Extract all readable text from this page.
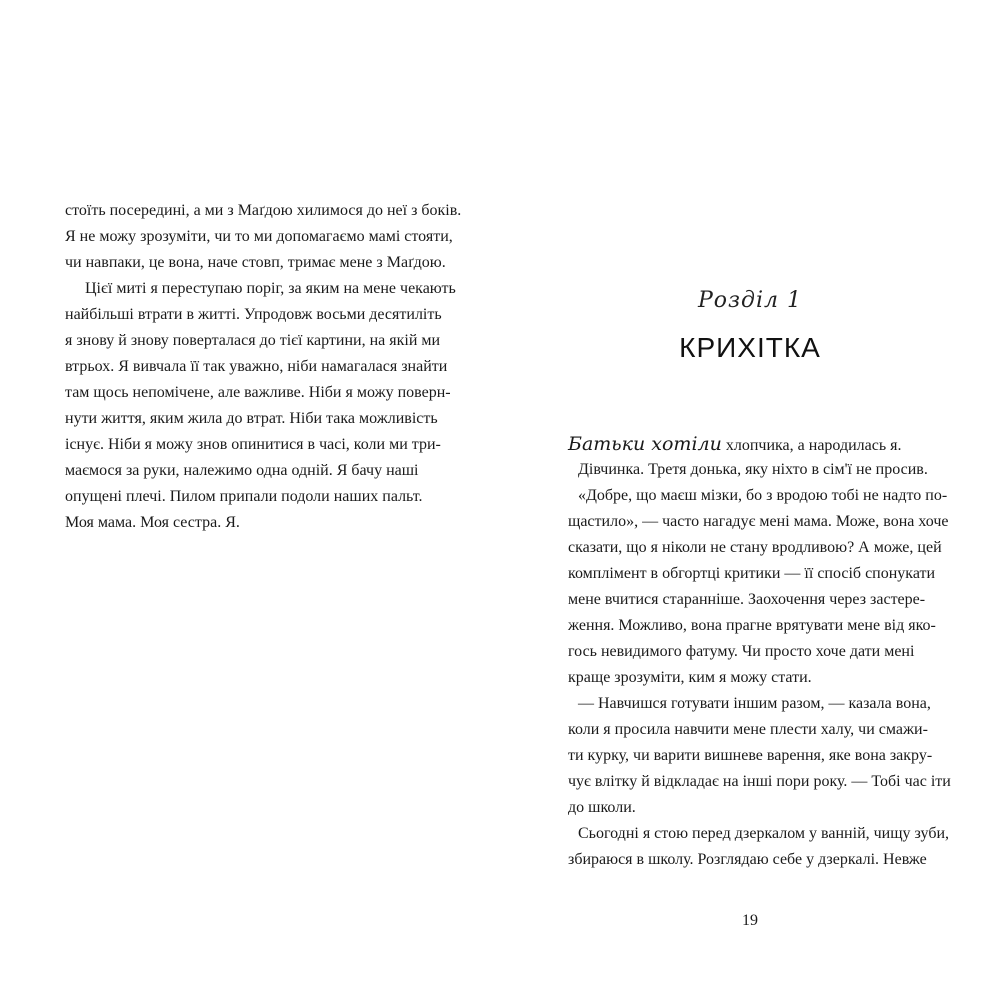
стоїть посередині, а ми з Маґдою хилимося до неї з боків.
Я не можу зрозуміти, чи то ми допомагаємо мамі стояти,
чи навпаки, це вона, наче стовп, тримає мене з Маґдою.
Цієї миті я переступаю поріг, за яким на мене чекають
найбільші втрати в житті. Упродовж восьми десятиліть
я знову й знову поверталася до тієї картини, на якій ми
втрьох. Я вивчала її так уважно, ніби намагалася знайти
там щось непомічене, але важливе. Ніби я можу поверн-
нути життя, яким жила до втрат. Ніби така можливість
існує. Ніби я можу знов опинитися в часі, коли ми три-
маємося за руки, належимо одна одній. Я бачу наші
опущені плечі. Пилом припали подоли наших пальт.
Моя мама. Моя сестра. Я.
Розділ 1
КРИХІТКА
Батьки хотіли хлопчика, а народилась я.
Дівчинка. Третя донька, яку ніхто в сім'ї не просив.
«Добре, що маєш мізки, бо з вродою тобі не надто по-
щастило», — часто нагадує мені мама. Може, вона хоче
сказати, що я ніколи не стану вродливою? А може, цей
комплімент в обгортці критики — її спосіб спонукати
мене вчитися старанніше. Заохочення через застере-
ження. Можливо, вона прагне врятувати мене від яко-
гось невидимого фатуму. Чи просто хоче дати мені
краще зрозуміти, ким я можу стати.
— Навчишся готувати іншим разом, — казала вона,
коли я просила навчити мене плести халу, чи смажи-
ти курку, чи варити вишневе варення, яке вона закру-
чує влітку й відкладає на інші пори року. — Тобі час іти
до школи.
Сьогодні я стою перед дзеркалом у ванній, чищу зуби,
збираюся в школу. Розглядаю себе у дзеркалі. Невже
19
